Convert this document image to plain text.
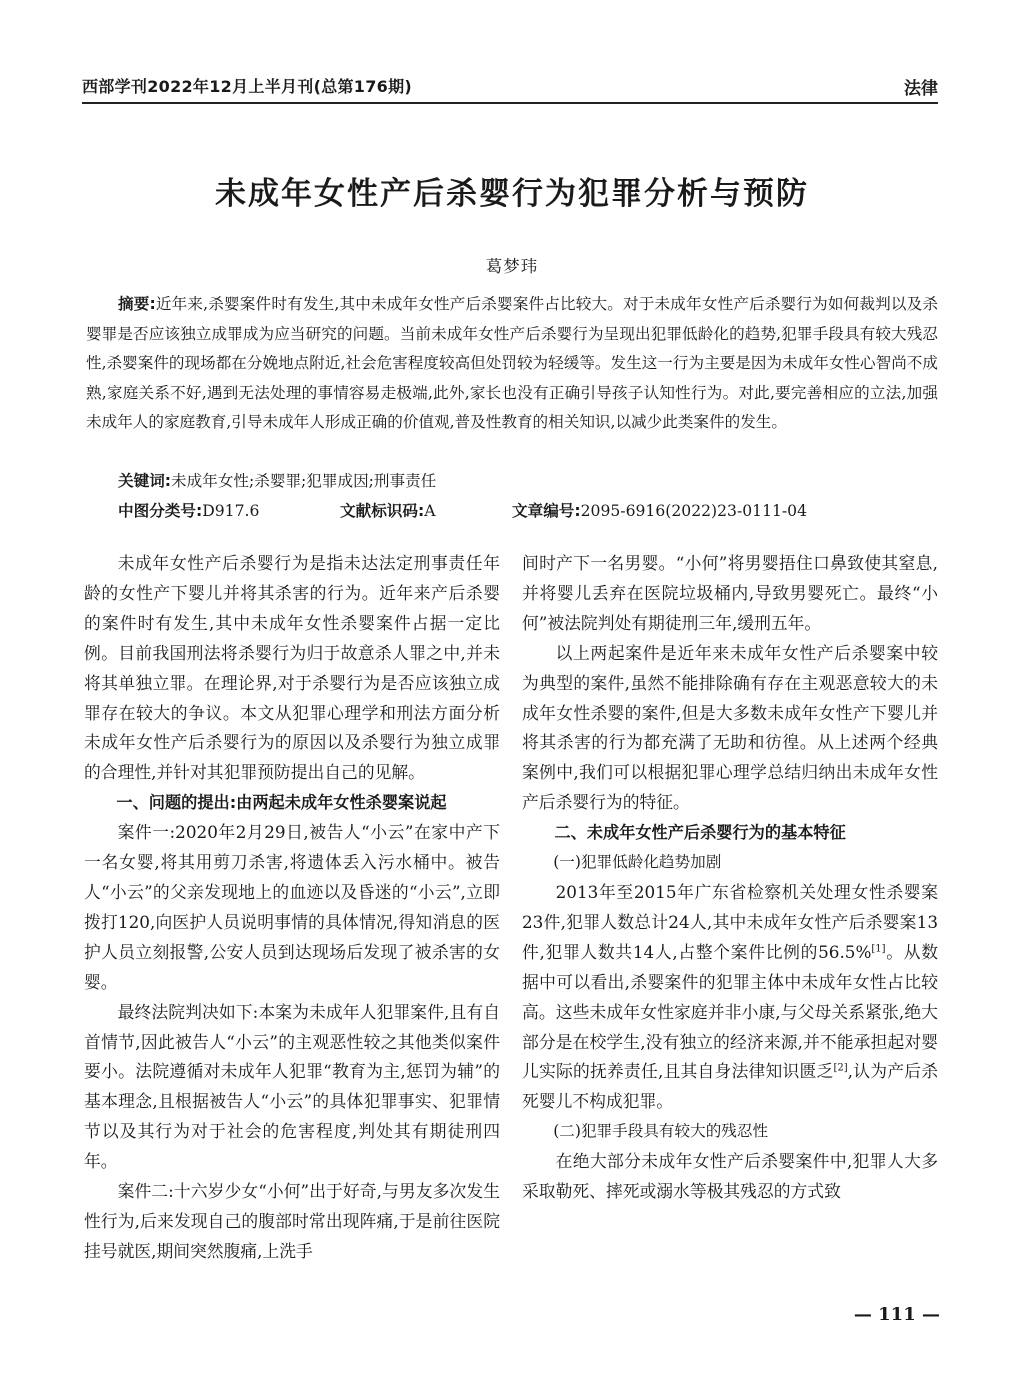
西部学刊2022年12月上半月刊(总第176期)	法律
未成年女性产后杀婴行为犯罪分析与预防
葛梦玮
摘要:近年来,杀婴案件时有发生,其中未成年女性产后杀婴案件占比较大。对于未成年女性产后杀婴行为如何裁判以及杀婴罪是否应该独立成罪成为应当研究的问题。当前未成年女性产后杀婴行为呈现出犯罪低龄化的趋势,犯罪手段具有较大残忍性,杀婴案件的现场都在分娩地点附近,社会危害程度较高但处罚较为轻缓等。发生这一行为主要是因为未成年女性心智尚不成熟,家庭关系不好,遇到无法处理的事情容易走极端,此外,家长也没有正确引导孩子认知性行为。对此,要完善相应的立法,加强未成年人的家庭教育,引导未成年人形成正确的价值观,普及性教育的相关知识,以减少此类案件的发生。
关键词:未成年女性;杀婴罪;犯罪成因;刑事责任
中图分类号:D917.6	文献标识码:A	文章编号:2095-6916(2022)23-0111-04

未成年女性产后杀婴行为是指未达法定刑事责任年龄的女性产下婴儿并将其杀害的行为。近年来产后杀婴的案件时有发生,其中未成年女性杀婴案件占据一定比例。目前我国刑法将杀婴行为归于故意杀人罪之中,并未将其单独立罪。在理论界,对于杀婴行为是否应该独立成罪存在较大的争议。本文从犯罪心理学和刑法方面分析未成年女性产后杀婴行为的原因以及杀婴行为独立成罪的合理性,并针对其犯罪预防提出自己的见解。

一、问题的提出:由两起未成年女性杀婴案说起

案件一:2020年2月29日,被告人“小云”在家中产下一名女婴,将其用剪刀杀害,将遗体丢入污水桶中。被告人“小云”的父亲发现地上的血迹以及昏迷的“小云”,立即拨打120,向医护人员说明事情的具体情况,得知消息的医护人员立刻报警,公安人员到达现场后发现了被杀害的女婴。

最终法院判决如下:本案为未成年人犯罪案件,且有自首情节,因此被告人“小云”的主观恶性较之其他类似案件要小。法院遵循对未成年人犯罪“教育为主,惩罚为辅”的基本理念,且根据被告人“小云”的具体犯罪事实、犯罪情节以及其行为对于社会的危害程度,判处其有期徒刑四年。

案件二:十六岁少女“小何”出于好奇,与男友多次发生性行为,后来发现自己的腹部时常出现阵痛,于是前往医院挂号就医,期间突然腹痛,上洗手

间时产下一名男婴。“小何”将男婴捂住口鼻致使其窒息,并将婴儿丢弃在医院垃圾桶内,导致男婴死亡。最终“小何”被法院判处有期徒刑三年,缓刑五年。

以上两起案件是近年来未成年女性产后杀婴案中较为典型的案件,虽然不能排除确有存在主观恶意较大的未成年女性杀婴的案件,但是大多数未成年女性产下婴儿并将其杀害的行为都充满了无助和彷徨。从上述两个经典案例中,我们可以根据犯罪心理学总结归纳出未成年女性产后杀婴行为的特征。

二、未成年女性产后杀婴行为的基本特征
(一)犯罪低龄化趋势加剧

2013年至2015年广东省检察机关处理女性杀婴案23件,犯罪人数总计24人,其中未成年女性产后杀婴案13件,犯罪人数共14人,占整个案件比例的56.5%[1]。从数据中可以看出,杀婴案件的犯罪主体中未成年女性占比较高。这些未成年女性家庭并非小康,与父母关系紧张,绝大部分是在校学生,没有独立的经济来源,并不能承担起对婴儿实际的抚养责任,且其自身法律知识匮乏[2],认为产后杀死婴儿不构成犯罪。

(二)犯罪手段具有较大的残忍性

在绝大部分未成年女性产后杀婴案件中,犯罪人大多采取勒死、摔死或溺水等极其残忍的方式致

— 111 —
